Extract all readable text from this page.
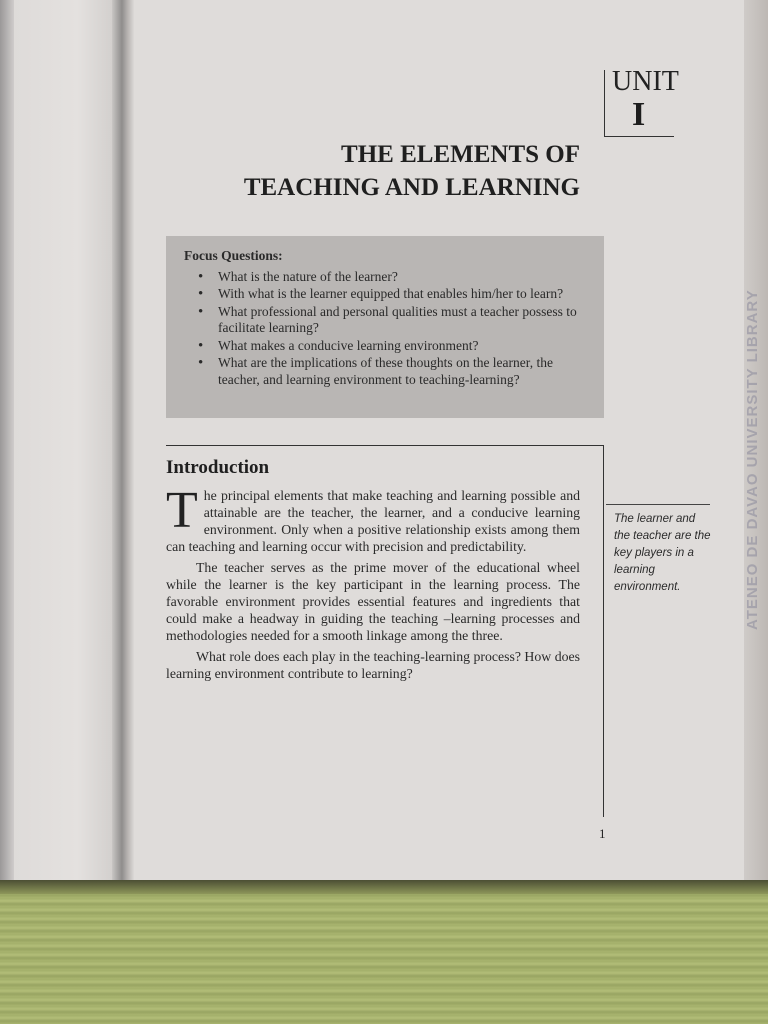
ATENEO DE DAVAO UNIVERSITY LIBRARY
UNIT
I
THE ELEMENTS OF
TEACHING AND LEARNING
Focus Questions:
• What is the nature of the learner?
• With what is the learner equipped that enables him/her to learn?
• What professional and personal qualities must a teacher possess to facilitate learning?
• What makes a conducive learning environment?
• What are the implications of these thoughts on the learner, the teacher, and learning environment to teaching-learning?
Introduction

The principal elements that make teaching and learning possible and attainable are the teacher, the learner, and a conducive learning environment. Only when a positive relationship exists among them can teaching and learning occur with precision and predictability.

The teacher serves as the prime mover of the educational wheel while the learner is the key participant in the learning process. The favorable environment provides essential features and ingredients that could make a headway in guiding the teaching –learning processes and methodologies needed for a smooth linkage among the three.

What role does each play in the teaching-learning process? How does learning environment contribute to learning?

The learner and the teacher are the key players in a learning environment.
1
